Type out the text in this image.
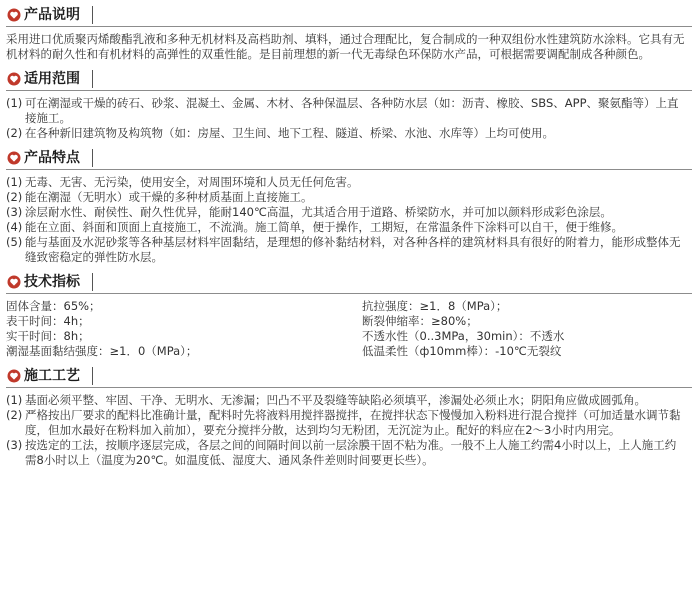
产品说明

采用进口优质聚丙烯酸酯乳液和多种无机材料及高档助剂、填料，通过合理配比，复合制成的一种双组份水性建筑防水涂料。它具有无机材料的耐久性和有机材料的高弹性的双重性能。是目前理想的新一代无毒绿色环保防水产品，可根据需要调配制成各种颜色。

适用范围
(1) 可在潮湿或干燥的砖石、砂浆、混凝土、金属、木材、各种保温层、各种防水层（如：沥青、橡胶、SBS、APP、聚氨酯等）上直接施工。
(2) 在各种新旧建筑物及构筑物（如：房屋、卫生间、地下工程、隧道、桥梁、水池、水库等）上均可使用。
产品特点
(1) 无毒、无害、无污染，使用安全，对周围环境和人员无任何危害。
(2) 能在潮湿（无明水）或干燥的多种材质基面上直接施工。
(3) 涂层耐水性、耐侯性、耐久性优异，能耐140℃高温，尤其适合用于道路、桥梁防水，并可加以颜料形成彩色涂层。
(4) 能在立面、斜面和顶面上直接施工，不流淌。施工简单，便于操作，工期短，在常温条件下涂料可以自干，便于维修。
(5) 能与基面及水泥砂浆等各种基层材料牢固黏结，是理想的修补黏结材料，对各种各样的建筑材料具有很好的附着力，能形成整体无缝致密稳定的弹性防水层。
技术指标
固体含量：65%；	抗拉强度：≥1．8（MPa）；
表干时间：4h；	断裂伸缩率：≥80%；
实干时间：8h；	不透水性（0..3MPa，30min）：不透水
潮湿基面黏结强度：≥1．0（MPa）；	低温柔性（ф10mm棒）：-10℃无裂纹
施工工艺
(1) 基面必须平整、牢固、干净、无明水、无渗漏；凹凸不平及裂缝等缺陷必须填平，渗漏处必须止水；阴阳角应做成圆弧角。
(2) 严格按出厂要求的配料比准确计量，配料时先将液料用搅拌器搅拌，在搅拌状态下慢慢加入粉料进行混合搅拌（可加适量水调节黏度，但加水最好在粉料加入前加），要充分搅拌分散，达到均匀无粉团，无沉淀为止。配好的料应在2～3小时内用完。
(3) 按选定的工法，按顺序逐层完成，各层之间的间隔时间以前一层涂膜干固不粘为准。一般不上人施工约需4小时以上，上人施工约需8小时以上（温度为20℃。如温度低、湿度大、通风条件差则时间要更长些）。
